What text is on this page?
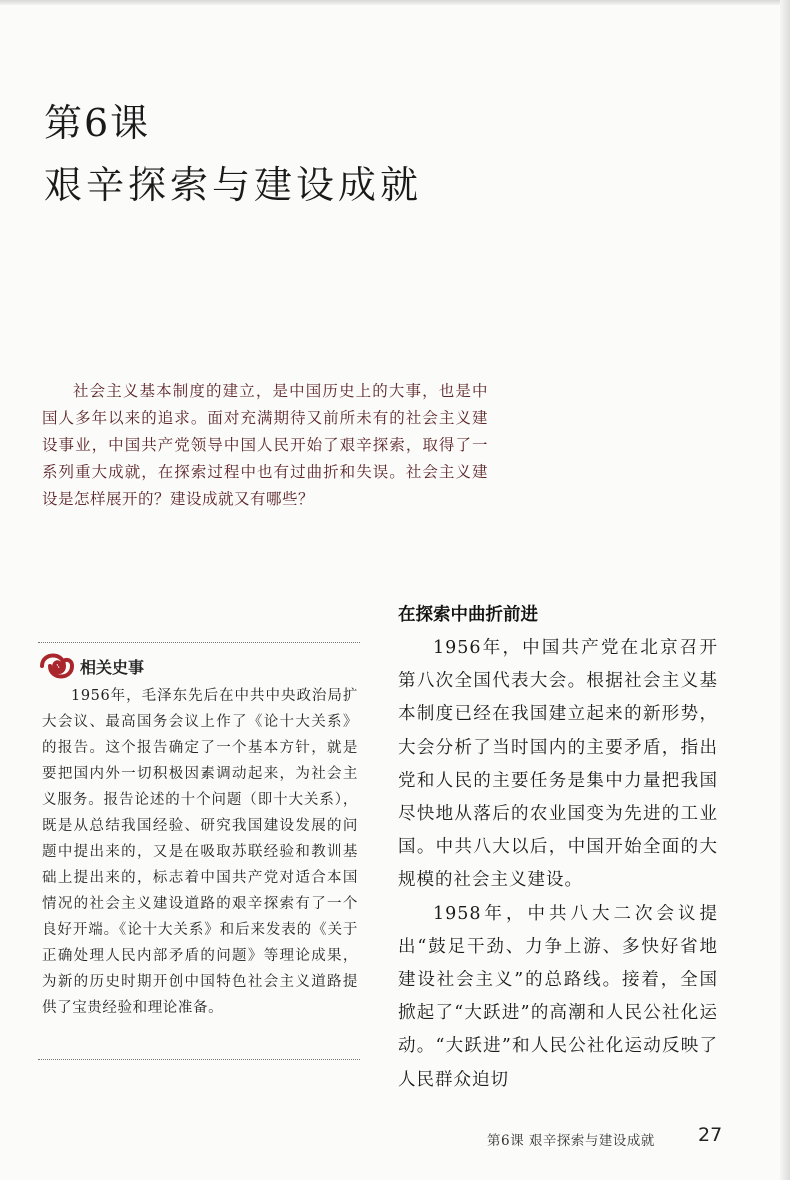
第6课
艰辛探索与建设成就
社会主义基本制度的建立，是中国历史上的大事，也是中国人多年以来的追求。面对充满期待又前所未有的社会主义建设事业，中国共产党领导中国人民开始了艰辛探索，取得了一系列重大成就，在探索过程中也有过曲折和失误。社会主义建设是怎样展开的？建设成就又有哪些？
相关史事
1956年，毛泽东先后在中共中央政治局扩大会议、最高国务会议上作了《论十大关系》的报告。这个报告确定了一个基本方针，就是要把国内外一切积极因素调动起来，为社会主义服务。报告论述的十个问题（即十大关系），既是从总结我国经验、研究我国建设发展的问题中提出来的，又是在吸取苏联经验和教训基础上提出来的，标志着中国共产党对适合本国情况的社会主义建设道路的艰辛探索有了一个良好开端。《论十大关系》和后来发表的《关于正确处理人民内部矛盾的问题》等理论成果，为新的历史时期开创中国特色社会主义道路提供了宝贵经验和理论准备。
在探索中曲折前进

1956年，中国共产党在北京召开第八次全国代表大会。根据社会主义基本制度已经在我国建立起来的新形势，大会分析了当时国内的主要矛盾，指出党和人民的主要任务是集中力量把我国尽快地从落后的农业国变为先进的工业国。中共八大以后，中国开始全面的大规模的社会主义建设。

1958年，中共八大二次会议提出“鼓足干劲、力争上游、多快好省地建设社会主义”的总路线。接着，全国掀起了“大跃进”的高潮和人民公社化运动。“大跃进”和人民公社化运动反映了人民群众迫切

第6课 艰辛探索与建设成就 27
